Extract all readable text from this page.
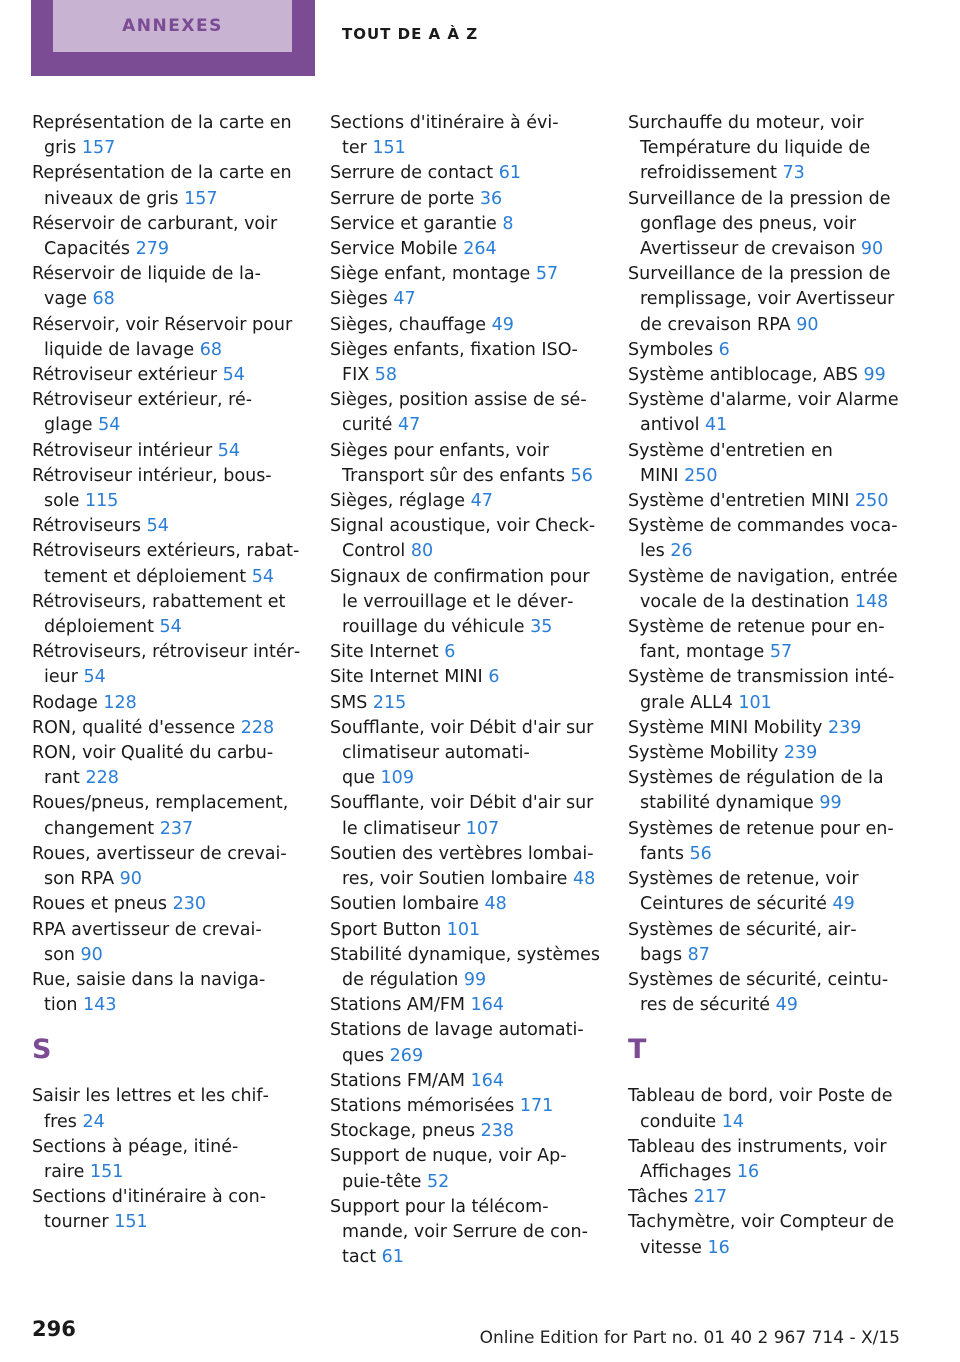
ANNEXES	TOUT DE A À Z
Représentation de la carte en
gris 157
Représentation de la carte en
niveaux de gris 157
Réservoir de carburant, voir
Capacités 279
Réservoir de liquide de la‐
vage 68
Réservoir, voir Réservoir pour
liquide de lavage 68
Rétroviseur extérieur 54
Rétroviseur extérieur, ré‐
glage 54
Rétroviseur intérieur 54
Rétroviseur intérieur, bous‐
sole 115
Rétroviseurs 54
Rétroviseurs extérieurs, rabat‐
tement et déploiement 54
Rétroviseurs, rabattement et
déploiement 54
Rétroviseurs, rétroviseur intér‐
ieur 54
Rodage 128
RON, qualité d'essence 228
RON, voir Qualité du carbu‐
rant 228
Roues/pneus, remplacement,
changement 237
Roues, avertisseur de crevai‐
son RPA 90
Roues et pneus 230
RPA avertisseur de crevai‐
son 90
Rue, saisie dans la naviga‐
tion 143
S
Saisir les lettres et les chif‐
fres 24
Sections à péage, itiné‐
raire 151
Sections d'itinéraire à con‐
tourner 151
Sections d'itinéraire à évi‐
ter 151
Serrure de contact 61
Serrure de porte 36
Service et garantie 8
Service Mobile 264
Siège enfant, montage 57
Sièges 47
Sièges, chauffage 49
Sièges enfants, fixation ISO‐
FIX 58
Sièges, position assise de sé‐
curité 47
Sièges pour enfants, voir
Transport sûr des enfants 56
Sièges, réglage 47
Signal acoustique, voir Check-
Control 80
Signaux de confirmation pour
le verrouillage et le déver‐
rouillage du véhicule 35
Site Internet 6
Site Internet MINI 6
SMS 215
Soufflante, voir Débit d'air sur
climatiseur automati‐
que 109
Soufflante, voir Débit d'air sur
le climatiseur 107
Soutien des vertèbres lombai‐
res, voir Soutien lombaire 48
Soutien lombaire 48
Sport Button 101
Stabilité dynamique, systèmes
de régulation 99
Stations AM/FM 164
Stations de lavage automati‐
ques 269
Stations FM/AM 164
Stations mémorisées 171
Stockage, pneus 238
Support de nuque, voir Ap‐
puie-tête 52
Support pour la télécom‐
mande, voir Serrure de con‐
tact 61
Surchauffe du moteur, voir
Température du liquide de
refroidissement 73
Surveillance de la pression de
gonflage des pneus, voir
Avertisseur de crevaison 90
Surveillance de la pression de
remplissage, voir Avertisseur
de crevaison RPA 90
Symboles 6
Système antiblocage, ABS 99
Système d'alarme, voir Alarme
antivol 41
Système d'entretien en
MINI 250
Système d'entretien MINI 250
Système de commandes voca‐
les 26
Système de navigation, entrée
vocale de la destination 148
Système de retenue pour en‐
fant, montage 57
Système de transmission inté‐
grale ALL4 101
Système MINI Mobility 239
Système Mobility 239
Systèmes de régulation de la
stabilité dynamique 99
Systèmes de retenue pour en‐
fants 56
Systèmes de retenue, voir
Ceintures de sécurité 49
Systèmes de sécurité, air‐
bags 87
Systèmes de sécurité, ceintu‐
res de sécurité 49
T
Tableau de bord, voir Poste de
conduite 14
Tableau des instruments, voir
Affichages 16
Tâches 217
Tachymètre, voir Compteur de
vitesse 16
296	Online Edition for Part no. 01 40 2 967 714 - X/15
